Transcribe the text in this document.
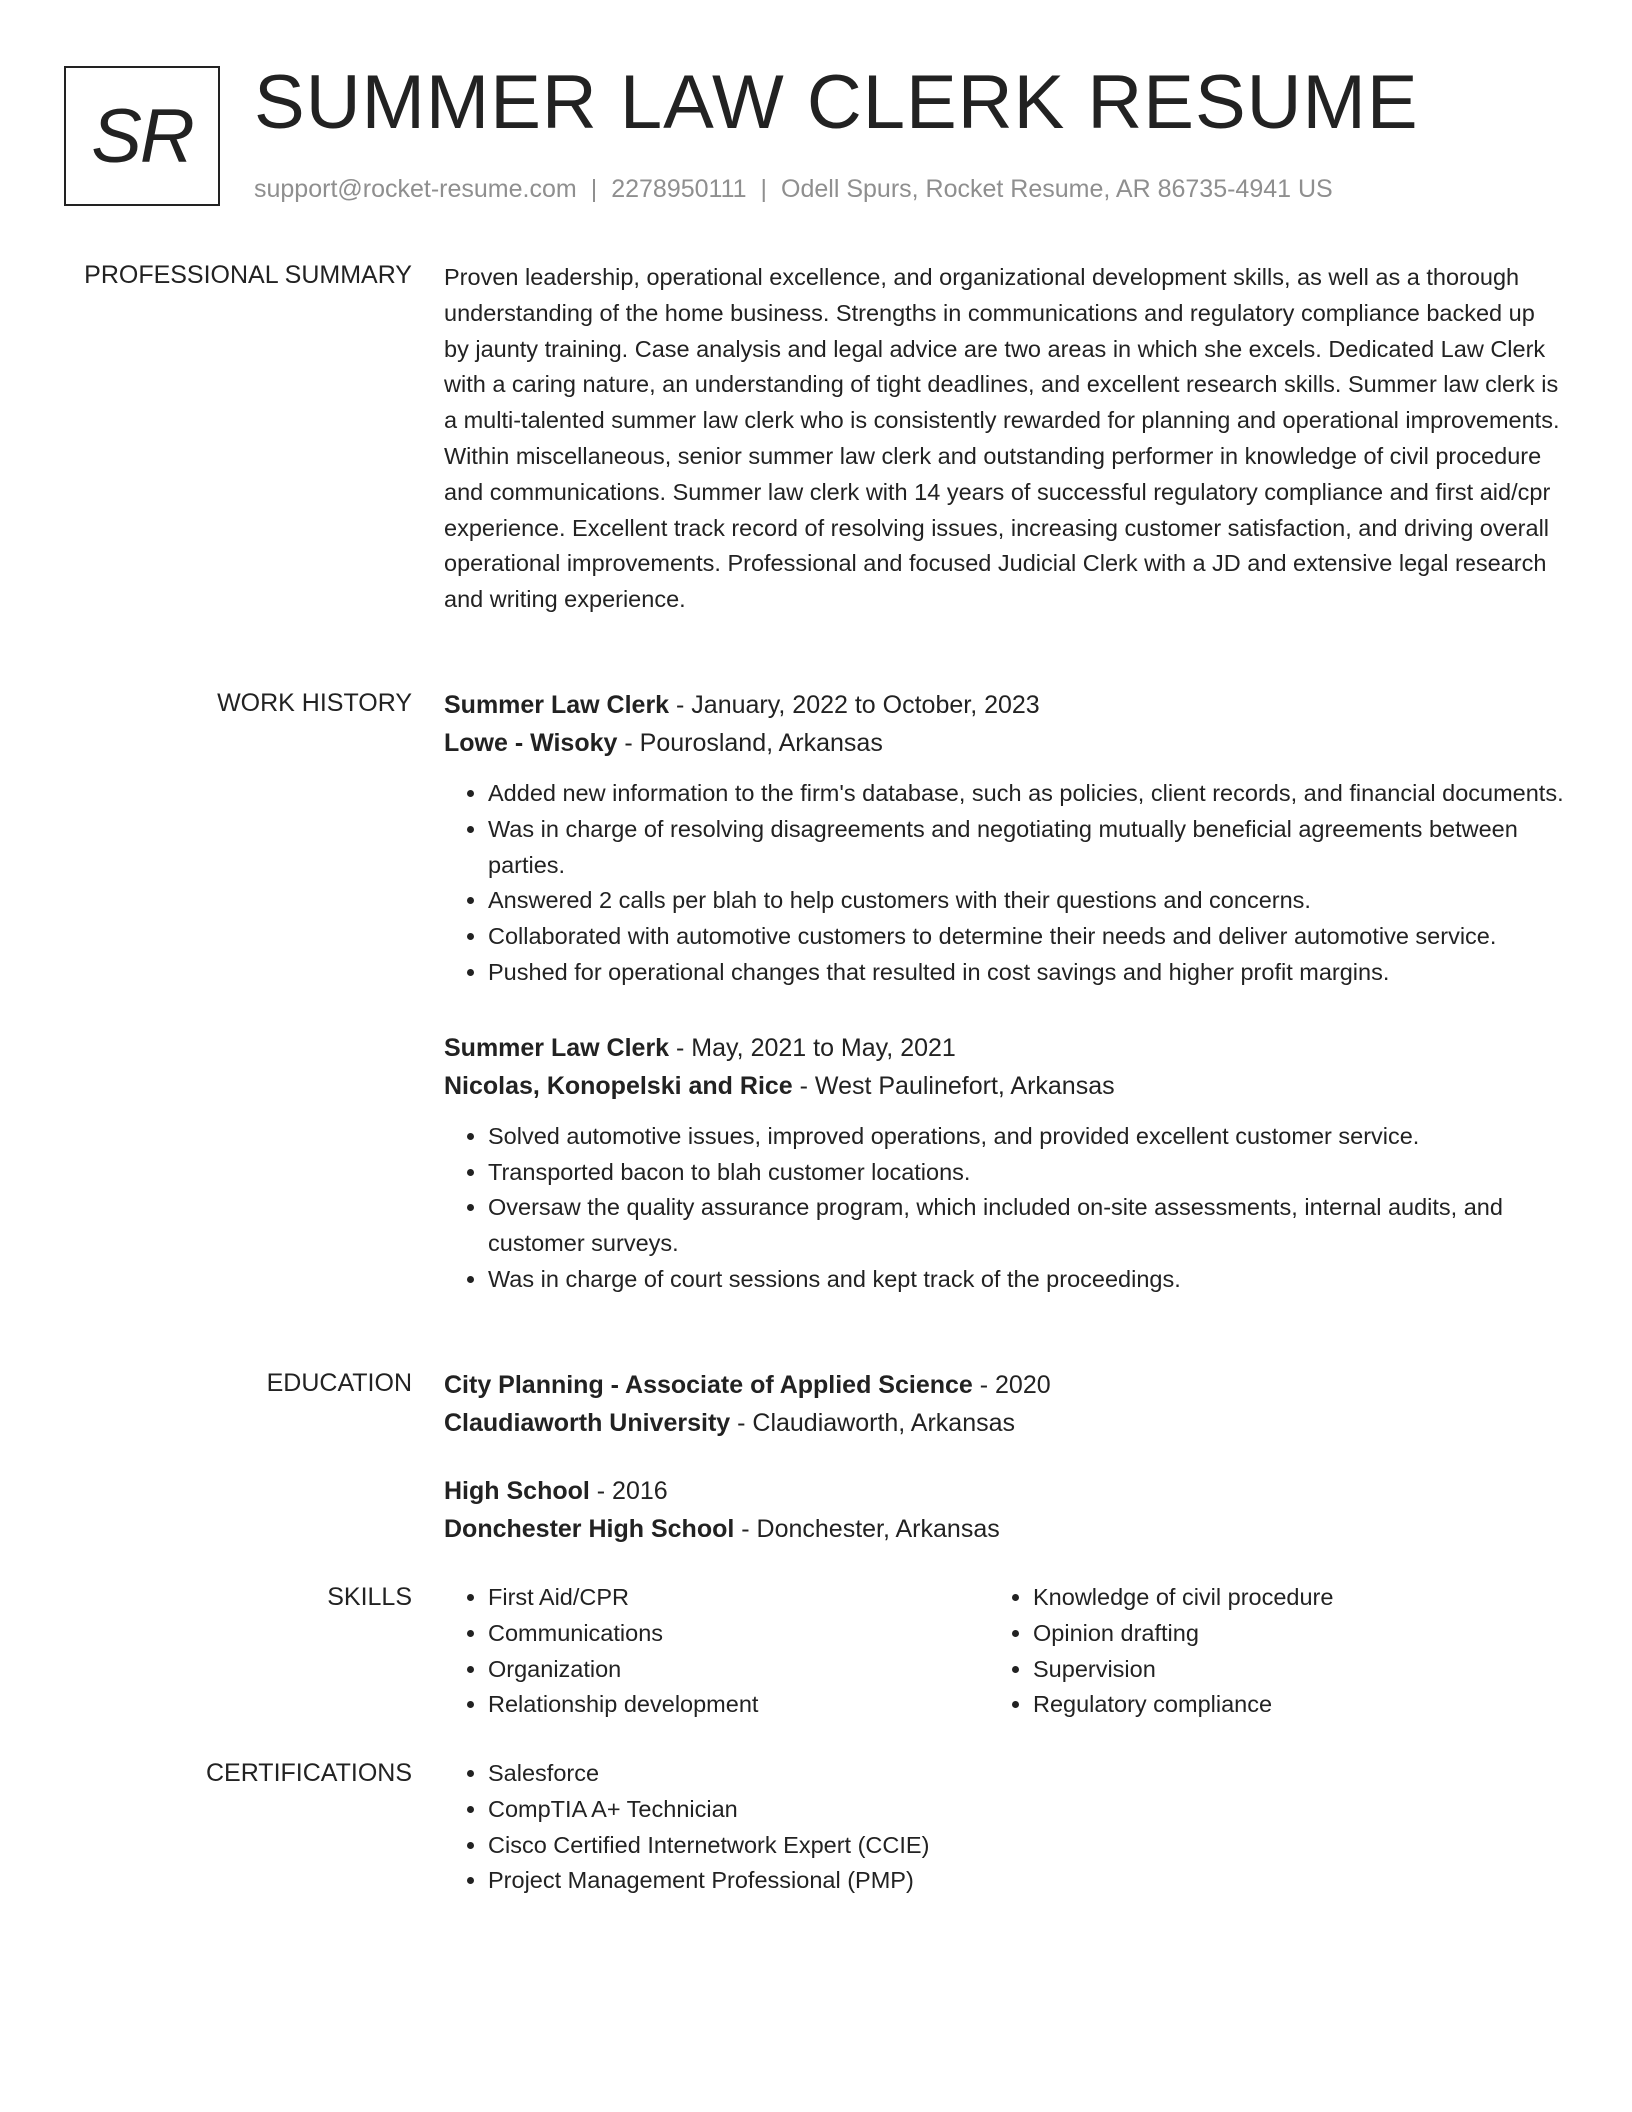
SR SUMMER LAW CLERK RESUME
support@rocket-resume.com | 2278950111 | Odell Spurs, Rocket Resume, AR 86735-4941 US
PROFESSIONAL SUMMARY Proven leadership, operational excellence, and organizational development skills, as well as a thorough understanding of the home business. Strengths in communications and regulatory compliance backed up by jaunty training. Case analysis and legal advice are two areas in which she excels. Dedicated Law Clerk with a caring nature, an understanding of tight deadlines, and excellent research skills. Summer law clerk is a multi-talented summer law clerk who is consistently rewarded for planning and operational improvements. Within miscellaneous, senior summer law clerk and outstanding performer in knowledge of civil procedure and communications. Summer law clerk with 14 years of successful regulatory compliance and first aid/cpr experience. Excellent track record of resolving issues, increasing customer satisfaction, and driving overall operational improvements. Professional and focused Judicial Clerk with a JD and extensive legal research and writing experience.

WORK HISTORY Summer Law Clerk - January, 2022 to October, 2023
Lowe - Wisoky - Pourosland, Arkansas
• Added new information to the firm's database, such as policies, client records, and financial documents.
• Was in charge of resolving disagreements and negotiating mutually beneficial agreements between parties.
• Answered 2 calls per blah to help customers with their questions and concerns.
• Collaborated with automotive customers to determine their needs and deliver automotive service.
• Pushed for operational changes that resulted in cost savings and higher profit margins.
Summer Law Clerk - May, 2021 to May, 2021
Nicolas, Konopelski and Rice - West Paulinefort, Arkansas
• Solved automotive issues, improved operations, and provided excellent customer service.
• Transported bacon to blah customer locations.
• Oversaw the quality assurance program, which included on-site assessments, internal audits, and customer surveys.
• Was in charge of court sessions and kept track of the proceedings.
EDUCATION City Planning - Associate of Applied Science - 2020
Claudiaworth University - Claudiaworth, Arkansas
High School - 2016
Donchester High School - Donchester, Arkansas
SKILLS	• First Aid/CPR
• Communications
• Organization
• Relationship development
• Knowledge of civil procedure
• Opinion drafting
• Supervision
• Regulatory compliance
CERTIFICATIONS	• Salesforce
• CompTIA A+ Technician
• Cisco Certified Internetwork Expert (CCIE)
• Project Management Professional (PMP)
